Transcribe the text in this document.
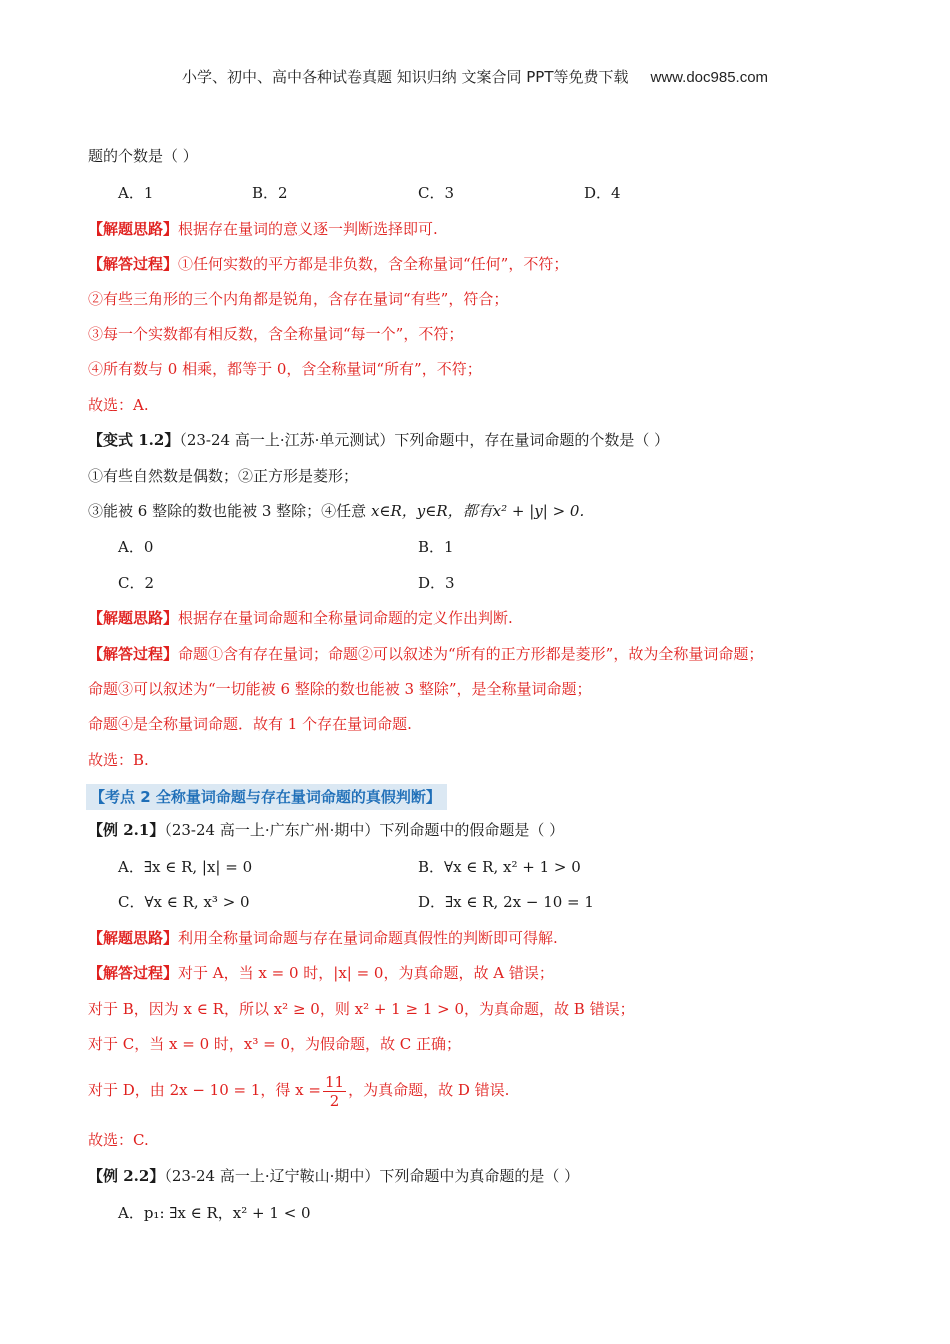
小学、初中、高中各种试卷真题 知识归纳 文案合同 PPT等免费下载 www.doc985.com
题的个数是（ ）
A．1	B．2	C．3	D．4
【解题思路】根据存在量词的意义逐一判断选择即可.
【解答过程】①任何实数的平方都是非负数，含全称量词“任何”，不符；
②有些三角形的三个内角都是锐角，含存在量词“有些”，符合；
③每一个实数都有相反数，含全称量词“每一个”，不符；
④所有数与 0 相乘，都等于 0，含全称量词“所有”，不符；
故选：A.
【变式 1.2】（23-24 高一上·江苏·单元测试）下列命题中，存在量词命题的个数是（ ）
①有些自然数是偶数；②正方形是菱形；
③能被 6 整除的数也能被 3 整除；④任意 x∈R，y∈R，都有x² + |y| > 0.
A．0	B．1
C．2	D．3
【解题思路】根据存在量词命题和全称量词命题的定义作出判断.
【解答过程】命题①含有存在量词；命题②可以叙述为“所有的正方形都是菱形”，故为全称量词命题；
命题③可以叙述为“一切能被 6 整除的数也能被 3 整除”，是全称量词命题；
命题④是全称量词命题．故有 1 个存在量词命题.
故选：B.
【考点 2 全称量词命题与存在量词命题的真假判断】
【例 2.1】（23-24 高一上·广东广州·期中）下列命题中的假命题是（ ）
A．∃x ∈ R, |x| = 0	B．∀x ∈ R, x² + 1 > 0
C．∀x ∈ R, x³ > 0	D．∃x ∈ R, 2x − 10 = 1
【解题思路】利用全称量词命题与存在量词命题真假性的判断即可得解.
【解答过程】对于 A，当 x = 0 时，|x| = 0，为真命题，故 A 错误；
对于 B，因为 x ∈ R，所以 x² ≥ 0，则 x² + 1 ≥ 1 > 0，为真命题，故 B 错误；
对于 C，当 x = 0 时，x³ = 0，为假命题，故 C 正确；
对于 D，由 2x − 10 = 1，得 $x = \frac{11}{2}$ ，为真命题，故 D 错误.
故选：C.
【例 2.2】（23-24 高一上·辽宁鞍山·期中）下列命题中为真命题的是（ ）
A．p₁: ∃x ∈ R，x² + 1 < 0
